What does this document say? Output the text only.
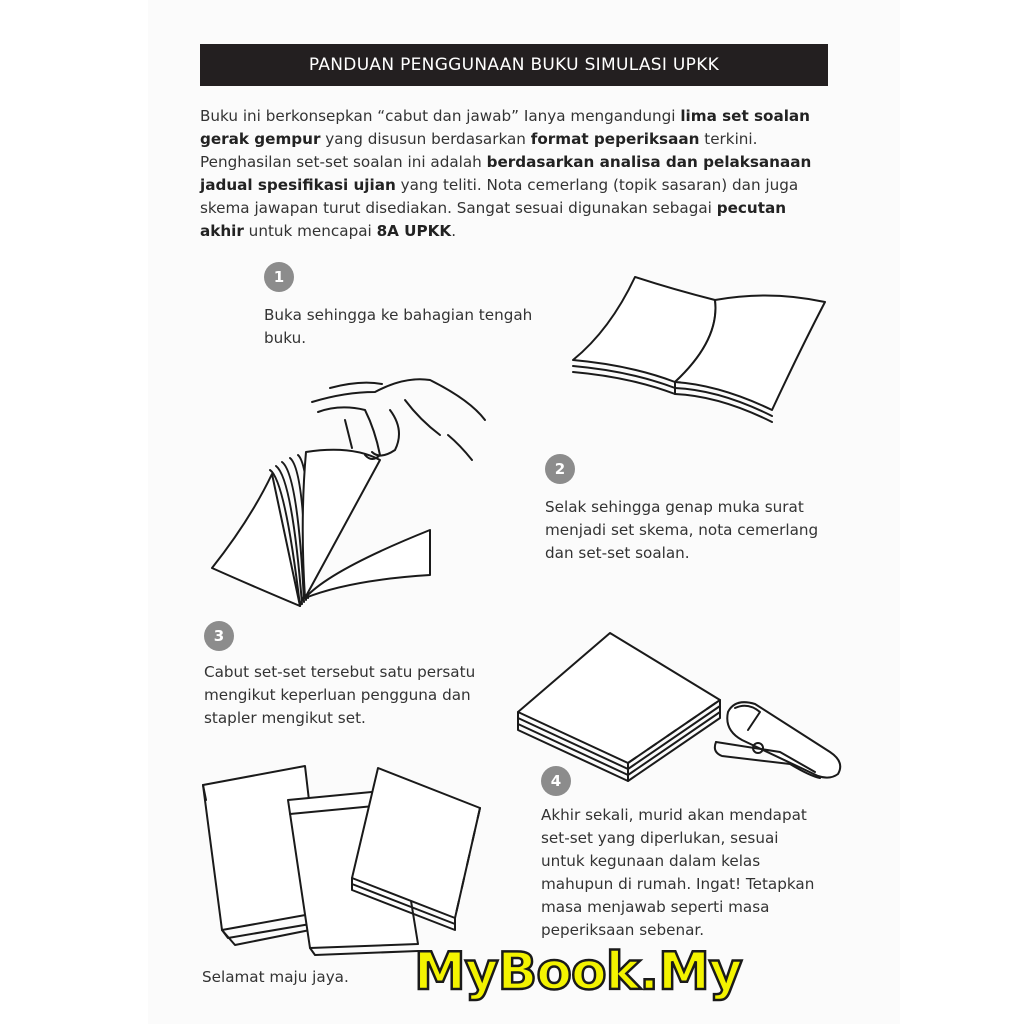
PANDUAN PENGGUNAAN BUKU SIMULASI UPKK
Buku ini berkonsepkan “cabut dan jawab” Ianya mengandungi lima set soalan gerak gempur yang disusun berdasarkan format peperiksaan terkini. Penghasilan set-set soalan ini adalah berdasarkan analisa dan pelaksanaan jadual spesifikasi ujian yang teliti. Nota cemerlang (topik sasaran) dan juga skema jawapan turut disediakan. Sangat sesuai digunakan sebagai pecutan akhir untuk mencapai 8A UPKK.
1
Buka sehingga ke bahagian tengah
buku.
2
Selak sehingga genap muka surat
menjadi set skema, nota cemerlang
dan set-set soalan.
3
Cabut set-set tersebut satu persatu
mengikut keperluan pengguna dan
stapler mengikut set.
4
Akhir sekali, murid akan mendapat
set-set yang diperlukan, sesuai
untuk kegunaan dalam kelas
mahupun di rumah. Ingat! Tetapkan
masa menjawab seperti masa
peperiksaan sebenar.
Selamat maju jaya. MyBook.My
